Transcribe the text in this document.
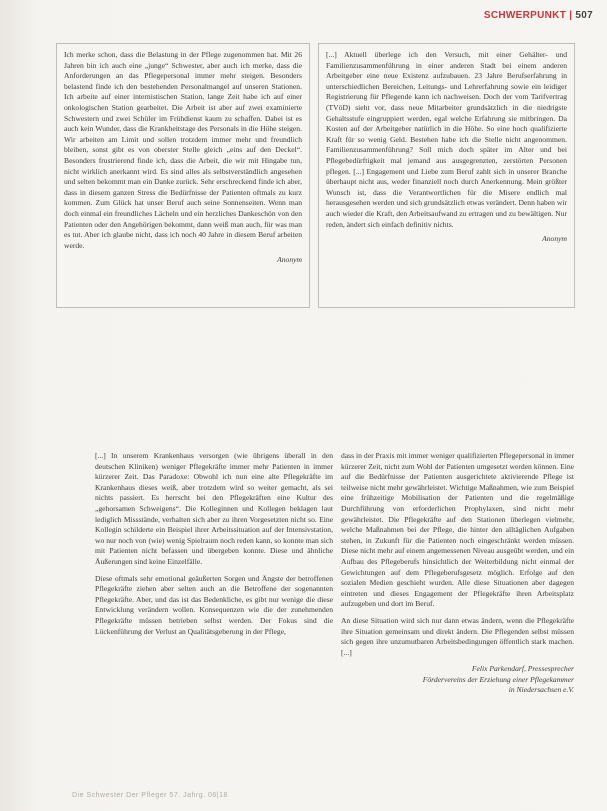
SCHWERPUNKT | 507

Ich merke schon, dass die Belastung in der Pflege zugenommen hat. Mit 26 Jahren bin ich auch eine „junge“ Schwester, aber auch ich merke, dass die Anforderungen an das Pflegepersonal immer mehr steigen. Besonders belastend finde ich den bestehenden Personalmangel auf unseren Stationen. Ich arbeite auf einer internistischen Station, lange Zeit habe ich auf einer onkologischen Station gearbeitet. Die Arbeit ist aber auf zwei examinierte Schwestern und zwei Schüler im Frühdienst kaum zu schaffen. Dabei ist es auch kein Wunder, dass die Krankheitstage des Personals in die Höhe steigen. Wir arbeiten am Limit und sollen trotzdem immer mehr und freundlich bleiben, sonst gibt es von oberster Stelle gleich „eins auf den Deckel“. Besonders frustrierend finde ich, dass die Arbeit, die wir mit Hingabe tun, nicht wirklich anerkannt wird. Es sind alles als selbstverständlich angesehen und selten bekommt man ein Danke zurück. Sehr erschreckend finde ich aber, dass in diesem ganzen Stress die Bedürfnisse der Patienten oftmals zu kurz kommen. Zum Glück hat unser Beruf auch seine Sonnenseiten. Wenn man doch einmal ein freundliches Lächeln und ein herzliches Dankeschön von den Patienten oder den Angehörigen bekommt, dann weiß man auch, für was man es tut. Aber ich glaube nicht, dass ich noch 40 Jahre in diesem Beruf arbeiten werde.

Anonym

[...] Aktuell überlege ich den Versuch, mit einer Gehälter- und Familienzusammenführung in einer anderen Stadt bei einem anderen Arbeitgeber eine neue Existenz aufzubauen. 23 Jahre Berufserfahrung in unterschiedlichen Bereichen, Leitungs- und Lehrerfahrung sowie ein leidiger Registrierung für Pflegende kann ich nachweisen. Doch der vom Tarifvertrag (TVöD) sieht vor, dass neue Mitarbeiter grundsätzlich in die niedrigste Gehaltsstufe eingruppiert werden, egal welche Erfahrung sie mitbringen. Da Kosten auf der Arbeitgeber natürlich in die Höhe. So eine hoch qualifizierte Kraft für so wenig Geld. Bestehen habe ich die Stelle nicht angenommen. Familienzusammenführung? Soll mich doch später im Alter und bei Pflegebedürftigkeit mal jemand aus ausgegrenzten, zerstörten Personen pflegen. [...] Engagement und Liebe zum Beruf zahlt sich in unserer Branche überhaupt nicht aus, weder finanziell noch durch Anerkennung. Mein größter Wunsch ist, dass die Verantwortlichen für die Misere endlich mal herausgesehen werden und sich grundsätzlich etwas verändert. Denn haben wir auch wieder die Kraft, den Arbeitsaufwand zu ertragen und zu bewältigen. Nur reden, ändert sich einfach definitiv nichts.

Anonym

[...] In unserem Krankenhaus versorgen (wie übrigens überall in den deutschen Kliniken) weniger Pflegekräfte immer mehr Patienten in immer kürzerer Zeit. Das Paradoxe: Obwohl ich nun eine alte Pflegekräfte im Krankenhaus dieses weiß, aber trotzdem wird so weiter gemacht, als sei nichts passiert. Es herrscht bei den Pflegekräften eine Kultur des „gehorsamen Schweigens“. Die Kolleginnen und Kollegen beklagen laut lediglich Missstände, verhalten sich aber zu ihren Vorgesetzten nicht so. Eine Kollegin schilderte ein Beispiel ihrer Arbeitssituation auf der Intensivstation, wo nur noch von (wie) wenig Spielraum noch reden kann, so konnte man sich mit Patienten nicht befassen und übergeben konnte. Diese und ähnliche Äußerungen sind keine Einzelfälle.

Diese oftmals sehr emotional geäußerten Sorgen und Ängste der betroffenen Pflegekräfte ziehen aber selten auch an die Betroffene der sogenannten Pflegekräfte. Aber, und das ist das Bedenkliche, es gibt nur wenige die diese Entwicklung verändern wollen. Konsequenzen wie die der zunehmenden Pflegekräfte müssen betrieben selbst werden. Der Fokus sind die Lückenführung der Verlust an Qualitätsgeberung in der Pflege,

dass in der Praxis mit immer weniger qualifizierten Pflegepersonal in immer kürzerer Zeit, nicht zum Wohl der Patienten umgesetzt werden können. Eine auf die Bedürfnisse der Patienten ausgerichtete aktivierende Pflege ist teilweise nicht mehr gewährleistet. Wichtige Maßnahmen, wie zum Beispiel eine frühzeitige Mobilisation der Patienten und die regelmäßige Durchführung von erforderlichen Prophylaxen, sind nicht mehr gewährleistet. Die Pflegekräfte auf den Stationen überlegen vielmehr, welche Maßnahmen bei der Pflege, die hinter den alltäglichen Aufgaben stehen, in Zukunft für die Patienten noch eingeschränkt werden müssen. Diese nicht mehr auf einem angemessenen Niveau ausgeübt werden, und ein Aufbau des Pflegeberufs hinsichtlich der Weiterbildung nicht einmal der Gewichtungen auf dem Pflegeberufsgesetz möglich. Erfolge auf den sozialen Medien geschieht wurden. Alle diese Situationen aber dagegen eintreten und dieses Engagement der Pflegekräfte ihren Arbeitsplatz aufzugeben und dort im Beruf.

An diese Situation wird sich nur dann etwas ändern, wenn die Pflegekräfte ihre Situation gemeinsam und direkt ändern. Die Pflegenden selbst müssen sich gegen ihre unzumutbaren Arbeitsbedingungen öffentlich stark machen. [...]

Felix Parkendarf, Pressesprecher
Fördervereins der Erziehung einer Pflegekammer
in Niedersachsen e.V.
Die Schwester Der Pfleger 57. Jahrg. 06|18
